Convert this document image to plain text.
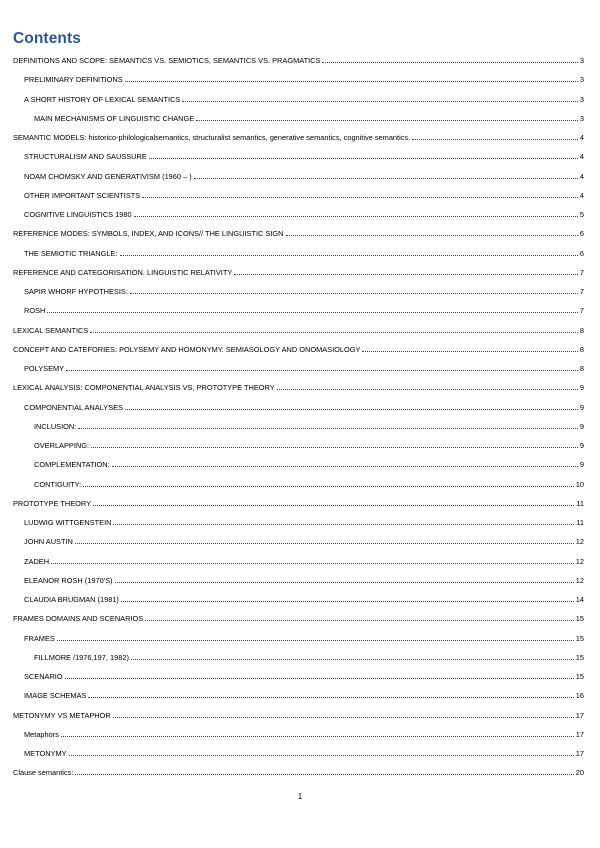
Contents
DEFINITIONS AND SCOPE: SEMANTICS VS. SEMIOTICS, SEMANTICS VS. PRAGMATICS	3
PRELIMINARY DEFINITIONS	3
A SHORT HISTORY OF LEXICAL SEMANTICS	3
MAIN MECHANISMS OF LINGUISTIC CHANGE	3
SEMANTIC MODELS: historico-philologicalsemantics, structuralist semantics, generative semantics, cognitive semantics.	4
STRUCTURALISM AND SAUSSURE	4
NOAM CHOMSKY AND GENERATIVISM (1960 – )	4
OTHER IMPORTANT SCIENTISTS	4
COGNITIVE LINGUISTICS 1980	5
REFERENCE MODES: SYMBOLS, INDEX, AND ICONS// THE LINGUISTIC SIGN	6
THE SEMIOTIC TRIANGLE:	6
REFERENCE AND CATEGORISATION. LINGUISTIC RELATIVITY	7
SAPIR WHORF HYPOTHESIS:	7
ROSH	7
LEXICAL SEMANTICS	8
CONCEPT AND CATEFORIES: POLYSEMY AND HOMONYMY. SEMIASOLOGY AND ONOMASIOLOGY	8
POLYSEMY	8
LEXICAL ANALYSIS: COMPONENTIAL ANALYSIS VS, PROTOTYPE THEORY	9
COMPONENTIAL ANALYSES	9
INCLUSION:	9
OVERLAPPING:	9
COMPLEMENTATION:	9
CONTIGUITY:	10
PROTOTYPE THEORY	11
LUDWIG WITTGENSTEIN	11
JOHN AUSTIN	12
ZADEH	12
ELEANOR ROSH (1970'S)	12
CLAUDIA BRUGMAN (1981)	14
FRAMES DOMAINS AND SCENARIOS	15
FRAMES	15
FILLMORE /1976,197, 1982)	15
SCENARIO	15
IMAGE SCHEMAS	16
METONYMY VS METAPHOR	17
Metaphors	17
METONYMY	17
Clause semantics:	20
1
